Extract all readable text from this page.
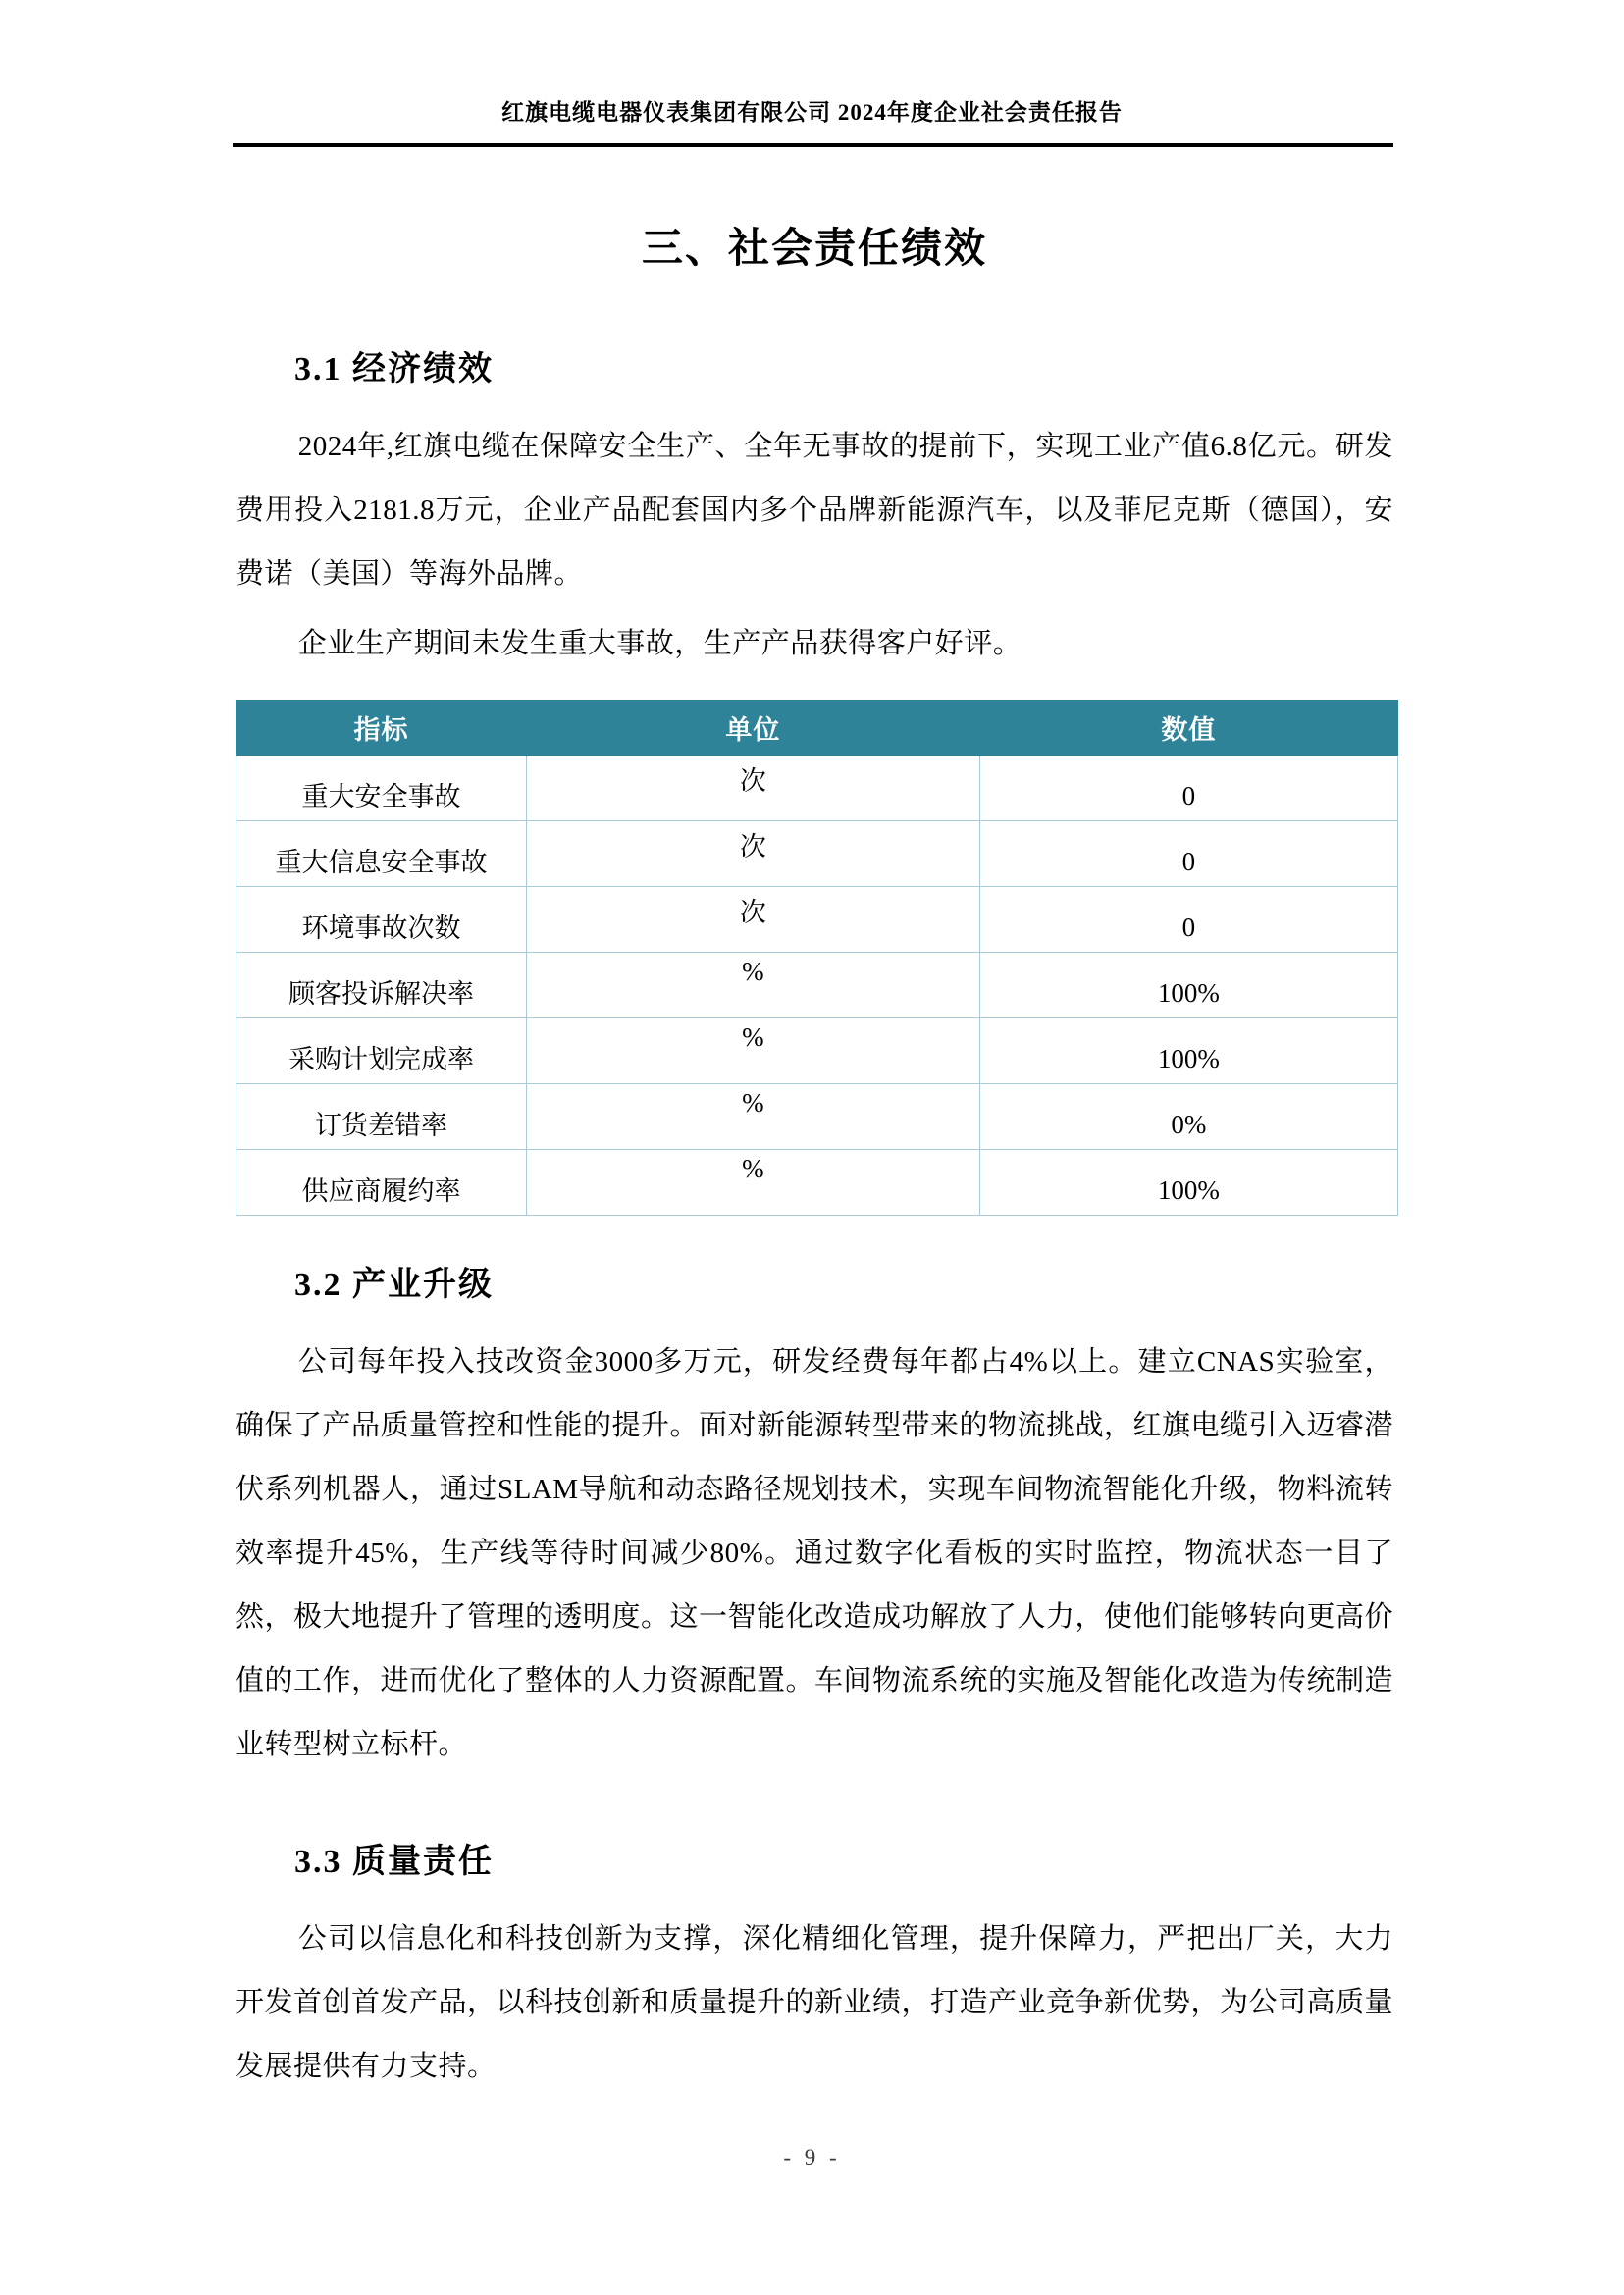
红旗电缆电器仪表集团有限公司 2024年度企业社会责任报告
三、社会责任绩效
3.1 经济绩效
2024年,红旗电缆在保障安全生产、全年无事故的提前下，实现工业产值6.8亿元。研发费用投入2181.8万元，企业产品配套国内多个品牌新能源汽车，以及菲尼克斯（德国），安费诺（美国）等海外品牌。
企业生产期间未发生重大事故，生产产品获得客户好评。
指标	单位	数值
重大安全事故	次	0
重大信息安全事故	次	0
环境事故次数	次	0
顾客投诉解决率	%	100%
采购计划完成率	%	100%
订货差错率	%	0%
供应商履约率	%	100%
3.2 产业升级
公司每年投入技改资金3000多万元，研发经费每年都占4%以上。建立CNAS实验室，确保了产品质量管控和性能的提升。面对新能源转型带来的物流挑战，红旗电缆引入迈睿潜伏系列机器人，通过SLAM导航和动态路径规划技术，实现车间物流智能化升级，物料流转效率提升45%，生产线等待时间减少80%。通过数字化看板的实时监控，物流状态一目了然，极大地提升了管理的透明度。这一智能化改造成功解放了人力，使他们能够转向更高价值的工作，进而优化了整体的人力资源配置。车间物流系统的实施及智能化改造为传统制造业转型树立标杆。
3.3 质量责任
公司以信息化和科技创新为支撑，深化精细化管理，提升保障力，严把出厂关，大力开发首创首发产品，以科技创新和质量提升的新业绩，打造产业竞争新优势，为公司高质量发展提供有力支持。
- 9 -
